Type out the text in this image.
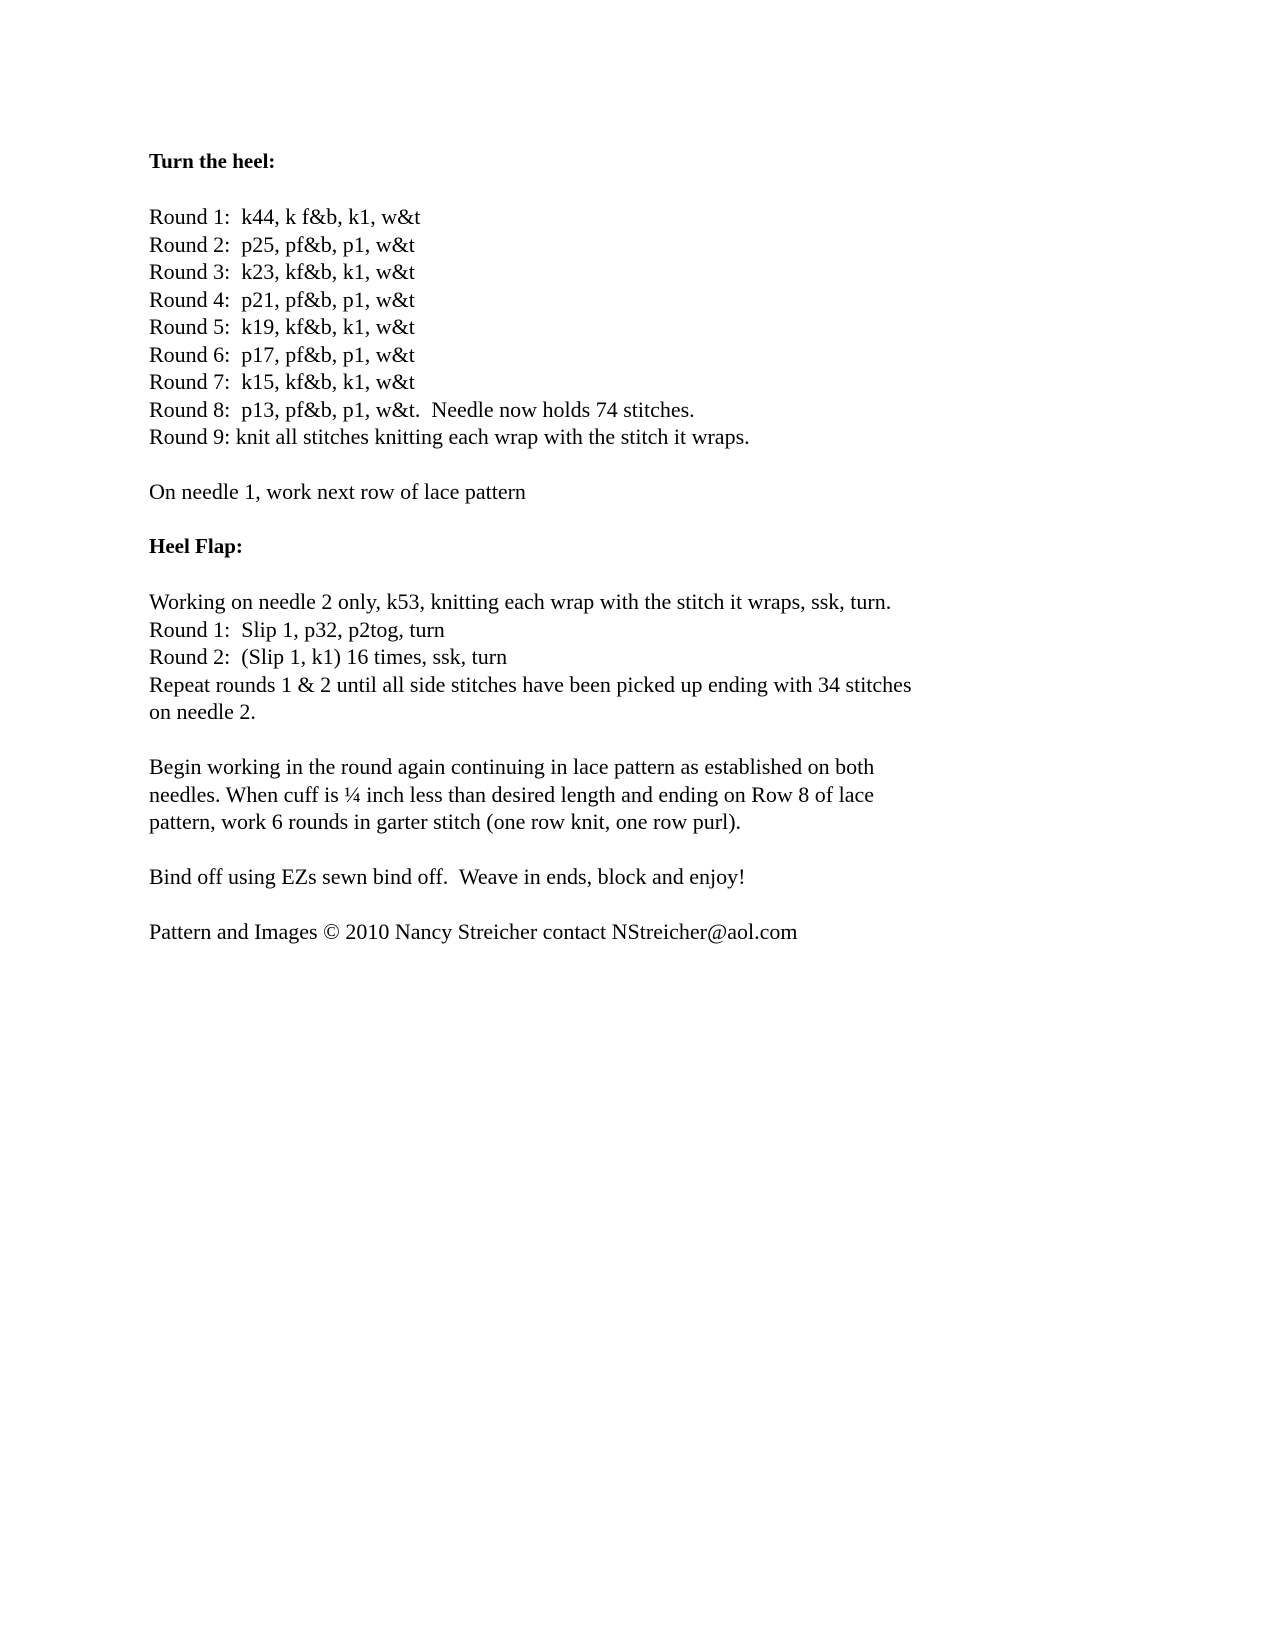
Turn the heel:

Round 1:  k44, k f&b, k1, w&t

Round 2:  p25, pf&b, p1, w&t

Round 3:  k23, kf&b, k1, w&t

Round 4:  p21, pf&b, p1, w&t

Round 5:  k19, kf&b, k1, w&t

Round 6:  p17, pf&b, p1, w&t

Round 7:  k15, kf&b, k1, w&t

Round 8:  p13, pf&b, p1, w&t.  Needle now holds 74 stitches.

Round 9: knit all stitches knitting each wrap with the stitch it wraps.

On needle 1, work next row of lace pattern

Heel Flap:

Working on needle 2 only, k53, knitting each wrap with the stitch it wraps, ssk, turn.

Round 1:  Slip 1, p32, p2tog, turn

Round 2:  (Slip 1, k1) 16 times, ssk, turn

Repeat rounds 1 & 2 until all side stitches have been picked up ending with 34 stitches

on needle 2.

Begin working in the round again continuing in lace pattern as established on both

needles. When cuff is ¼ inch less than desired length and ending on Row 8 of lace

pattern, work 6 rounds in garter stitch (one row knit, one row purl).

Bind off using EZs sewn bind off.  Weave in ends, block and enjoy!

Pattern and Images © 2010 Nancy Streicher contact NStreicher@aol.com
